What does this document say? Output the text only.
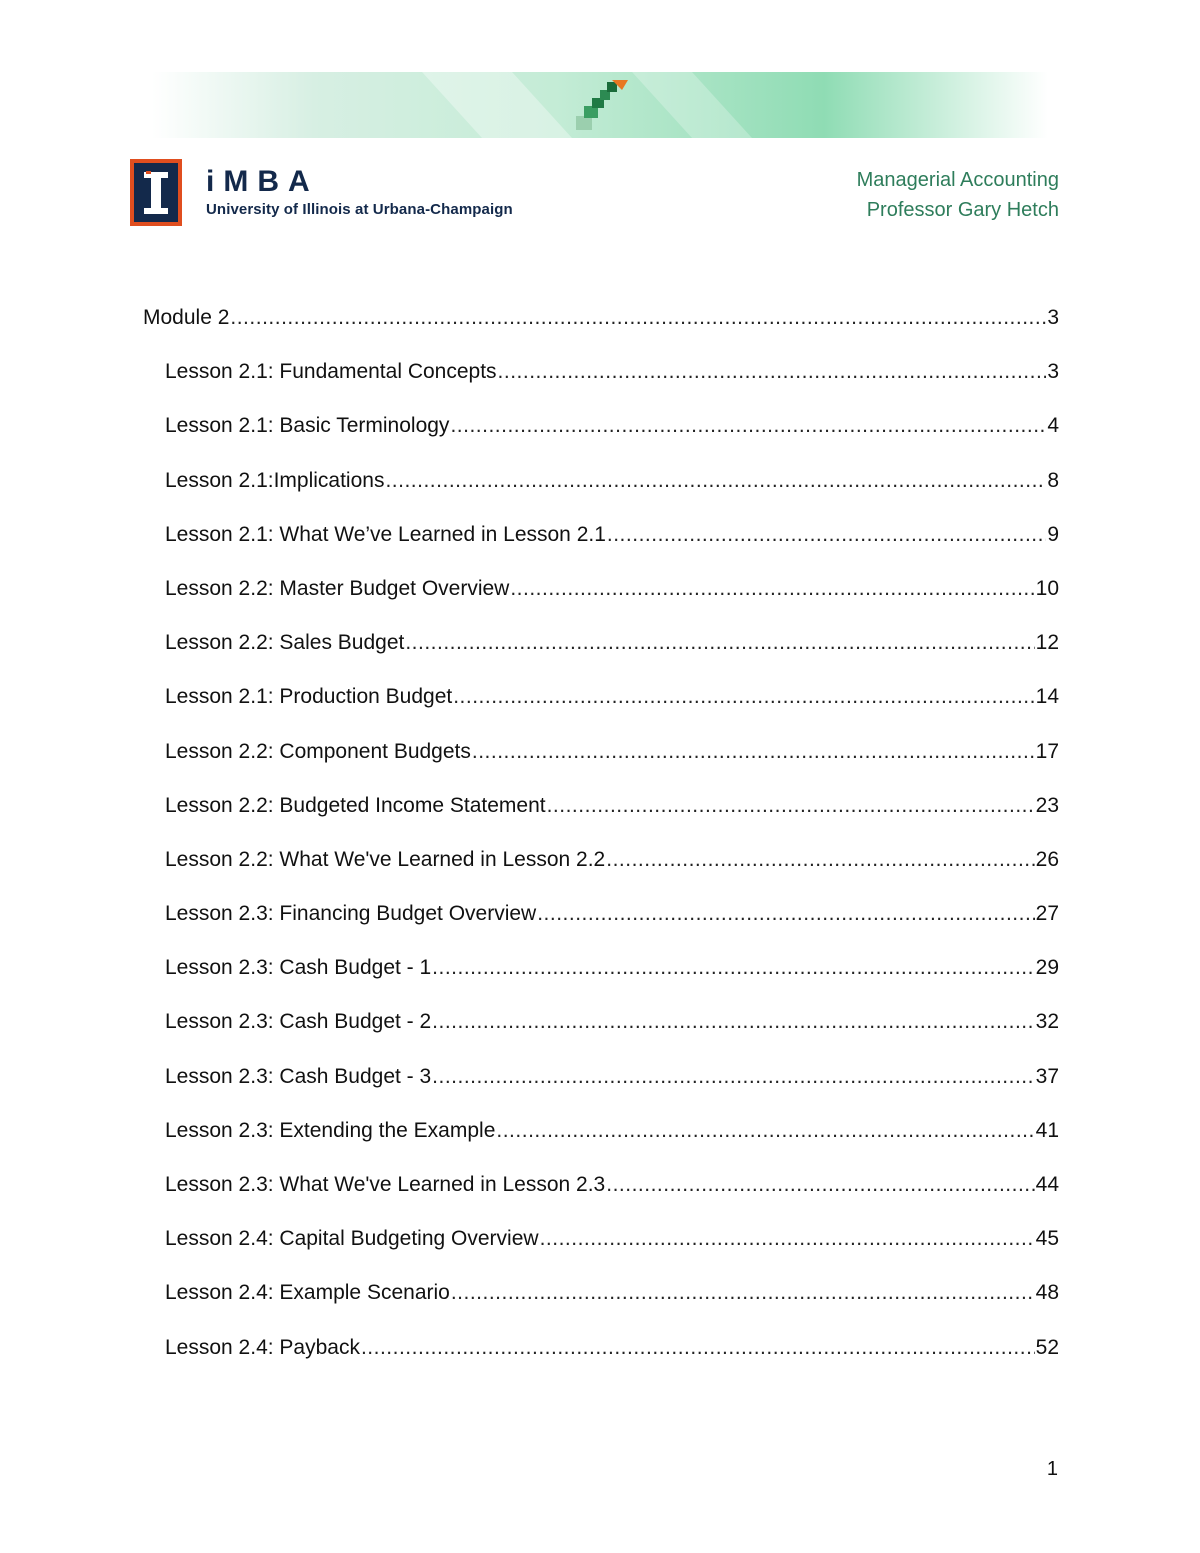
iMBA
University of Illinois at Urbana-Champaign
Managerial Accounting
Professor Gary Hetch
Module 2 .....	3
Lesson 2.1: Fundamental Concepts .....	3
Lesson 2.1: Basic Terminology .....	4
Lesson 2.1:Implications .....	8
Lesson 2.1: What We’ve Learned in Lesson 2.1 .....	9
Lesson 2.2: Master Budget Overview .....	10
Lesson 2.2: Sales Budget .....	12
Lesson 2.1: Production Budget .....	14
Lesson 2.2: Component Budgets .....	17
Lesson 2.2: Budgeted Income Statement .....	23
Lesson 2.2: What We've Learned in Lesson 2.2 .....	26
Lesson 2.3: Financing Budget Overview .....	27
Lesson 2.3: Cash Budget - 1 .....	29
Lesson 2.3: Cash Budget - 2 .....	32
Lesson 2.3: Cash Budget - 3 .....	37
Lesson 2.3: Extending the Example .....	41
Lesson 2.3: What We've Learned in Lesson 2.3 .....	44
Lesson 2.4: Capital Budgeting Overview .....	45
Lesson 2.4: Example Scenario .....	48
Lesson 2.4: Payback .....	52
1
